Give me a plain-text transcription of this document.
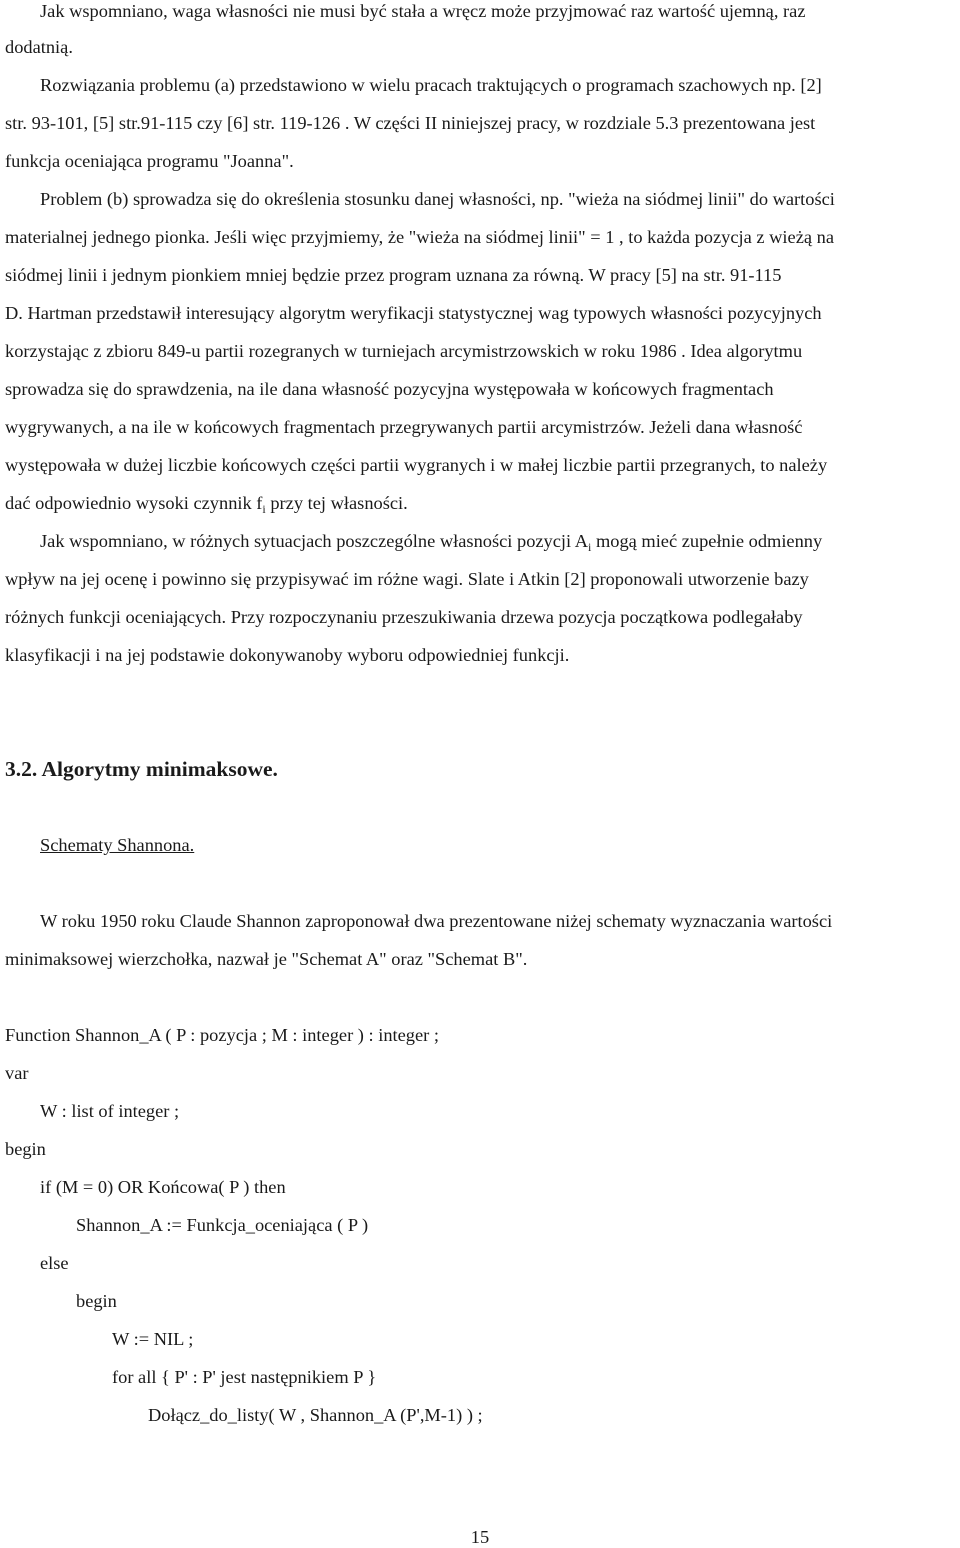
Jak wspomniano, waga własności nie musi być stała a wręcz może przyjmować raz wartość ujemną, raz
dodatnią.
Rozwiązania problemu (a) przedstawiono w wielu pracach traktujących o programach szachowych np. [2]
str. 93-101, [5] str.91-115 czy [6] str. 119-126 . W części II niniejszej pracy, w rozdziale 5.3 prezentowana jest
funkcja oceniająca programu "Joanna".
Problem (b) sprowadza się do określenia stosunku danej własności, np. "wieża na siódmej linii" do wartości
materialnej jednego pionka. Jeśli więc przyjmiemy, że "wieża na siódmej linii" = 1 , to każda pozycja z wieżą na
siódmej linii i jednym pionkiem mniej będzie przez program uznana za równą. W pracy [5] na str. 91-115
D. Hartman przedstawił interesujący algorytm weryfikacji statystycznej wag typowych własności pozycyjnych
korzystając z zbioru 849-u partii rozegranych w turniejach arcymistrzowskich w roku 1986 . Idea algorytmu
sprowadza się do sprawdzenia, na ile dana własność pozycyjna występowała w końcowych fragmentach
wygrywanych, a na ile w końcowych fragmentach przegrywanych partii arcymistrzów. Jeżeli dana własność
występowała w dużej liczbie końcowych części partii wygranych i w małej liczbie partii przegranych, to należy
dać odpowiednio wysoki czynnik $f_i$ przy tej własności.
Jak wspomniano, w różnych sytuacjach poszczególne własności pozycji $A_i$ mogą mieć zupełnie odmienny
wpływ na jej ocenę i powinno się przypisywać im różne wagi. Slate i Atkin [2] proponowali utworzenie bazy
różnych funkcji oceniających. Przy rozpoczynaniu przeszukiwania drzewa pozycja początkowa podlegałaby
klasyfikacji i na jej podstawie dokonywanoby wyboru odpowiedniej funkcji.
3.2. Algorytmy minimaksowe.
Schematy Shannona.
W roku 1950 roku Claude Shannon zaproponował dwa prezentowane niżej schematy wyznaczania wartości
minimaksowej wierzchołka, nazwał je "Schemat A" oraz "Schemat B".
Function Shannon_A ( P : pozycja ; M : integer ) : integer ;
var
W : list of integer ;
begin
if (M = 0) OR Końcowa( P ) then
Shannon_A := Funkcja_oceniająca ( P )
else
begin
W := NIL ;
for all { P' : P' jest następnikiem P }
Dołącz_do_listy( W , Shannon_A (P',M-1) ) ;
15
